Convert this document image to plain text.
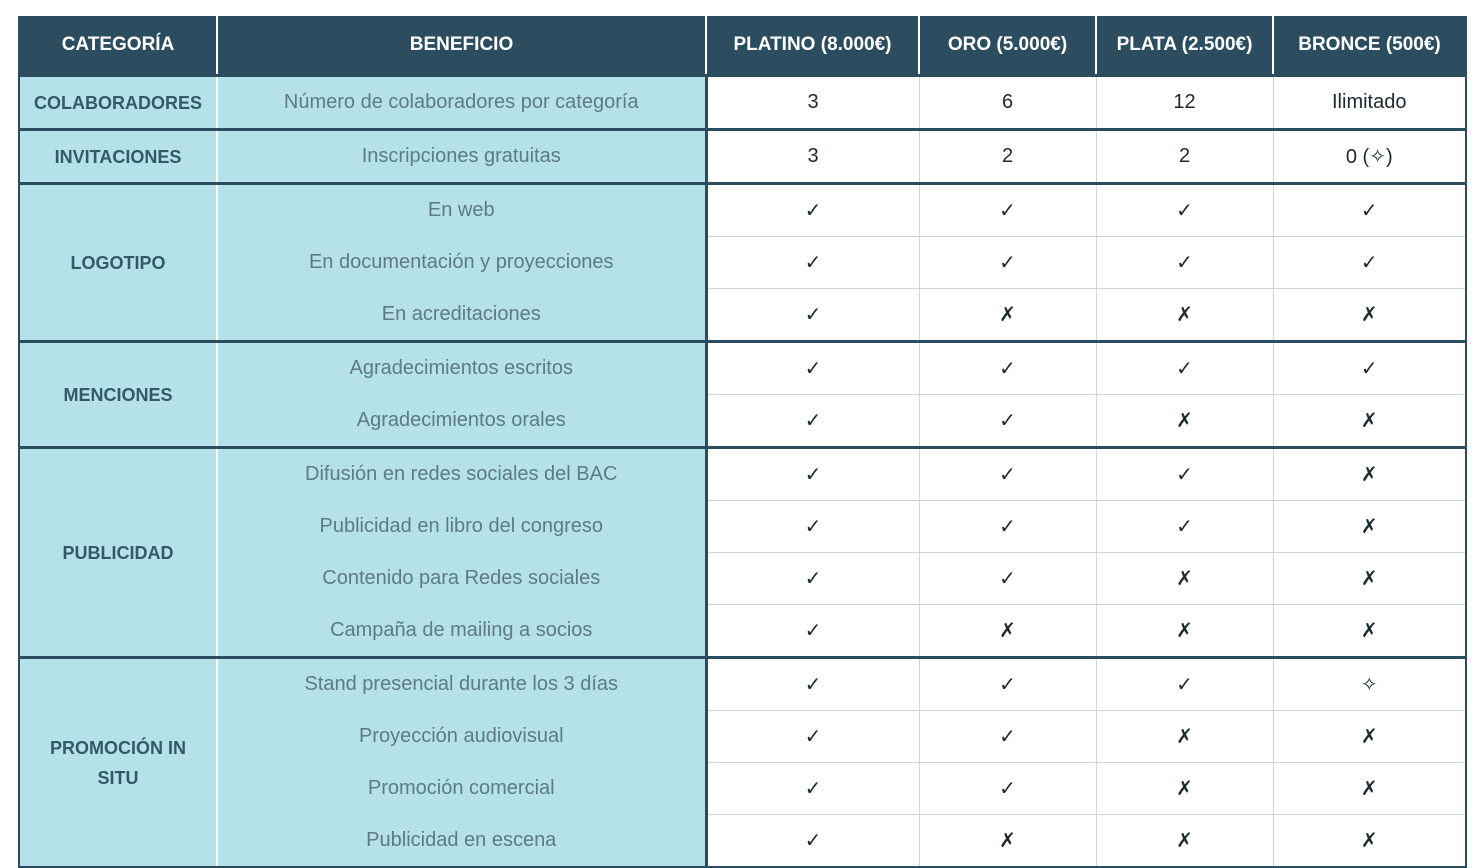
CATEGORÍA	BENEFICIO	PLATINO (8.000€)	ORO (5.000€)	PLATA (2.500€)	BRONCE (500€)
COLABORADORES	Número de colaboradores por categoría	3	6	12	Ilimitado
INVITACIONES	Inscripciones gratuitas	3	2	2	0 (✧)
LOGOTIPO	En web	✓	✓	✓	✓
	En documentación y proyecciones	✓	✓	✓	✓
	En acreditaciones	✓	✗	✗	✗
MENCIONES	Agradecimientos escritos	✓	✓	✓	✓
	Agradecimientos orales	✓	✓	✗	✗
PUBLICIDAD	Difusión en redes sociales del BAC	✓	✓	✓	✗
	Publicidad en libro del congreso	✓	✓	✓	✗
	Contenido para Redes sociales	✓	✓	✗	✗
	Campaña de mailing a socios	✓	✗	✗	✗
PROMOCIÓN IN SITU	Stand presencial durante los 3 días	✓	✓	✓	✧
	Proyección audiovisual	✓	✓	✗	✗
	Promoción comercial	✓	✓	✗	✗
	Publicidad en escena	✓	✗	✗	✗
